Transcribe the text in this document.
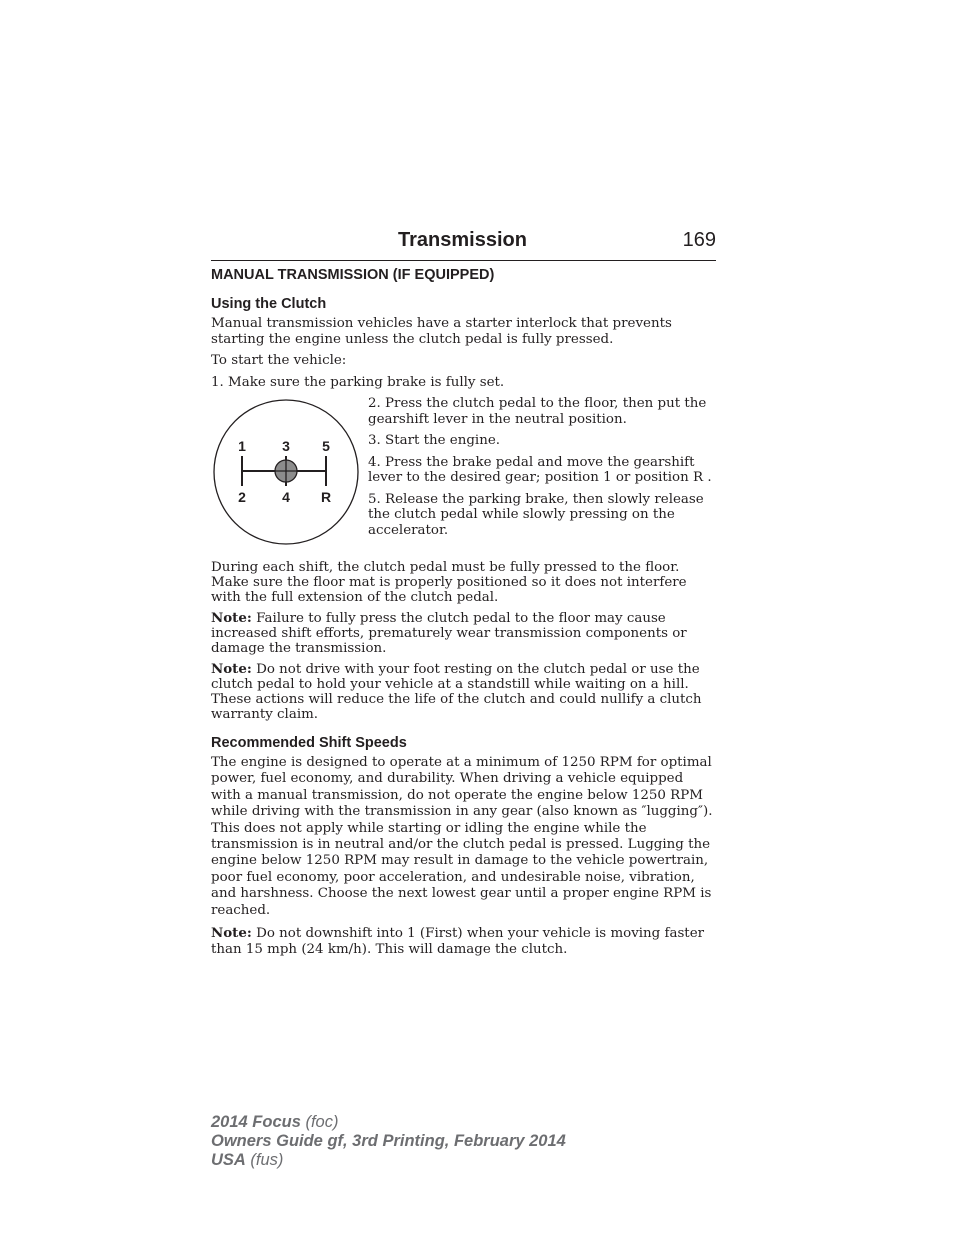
Transmission	169
MANUAL TRANSMISSION (IF EQUIPPED)
Using the Clutch

Manual transmission vehicles have a starter interlock that prevents starting the engine unless the clutch pedal is fully pressed.

To start the vehicle:

1. Make sure the parking brake is fully set.

1	3 5
2	4 R

2. Press the clutch pedal to the floor, then put the gearshift lever in the neutral position.

3. Start the engine.

4. Press the brake pedal and move the gearshift lever to the desired gear; position 1 or position R .

5. Release the parking brake, then slowly release the clutch pedal while slowly pressing on the accelerator.

During each shift, the clutch pedal must be fully pressed to the floor. Make sure the floor mat is properly positioned so it does not interfere with the full extension of the clutch pedal.

Note: Failure to fully press the clutch pedal to the floor may cause increased shift efforts, prematurely wear transmission components or damage the transmission.

Note: Do not drive with your foot resting on the clutch pedal or use the clutch pedal to hold your vehicle at a standstill while waiting on a hill. These actions will reduce the life of the clutch and could nullify a clutch warranty claim.

Recommended Shift Speeds

The engine is designed to operate at a minimum of 1250 RPM for optimal power, fuel economy, and durability. When driving a vehicle equipped with a manual transmission, do not operate the engine below 1250 RPM while driving with the transmission in any gear (also known as ″lugging″). This does not apply while starting or idling the engine while the transmission is in neutral and/or the clutch pedal is pressed. Lugging the engine below 1250 RPM may result in damage to the vehicle powertrain, poor fuel economy, poor acceleration, and undesirable noise, vibration, and harshness. Choose the next lowest gear until a proper engine RPM is reached.

Note: Do not downshift into 1 (First) when your vehicle is moving faster than 15 mph (24 km/h). This will damage the clutch.

2014 Focus (foc)
Owners Guide gf, 3rd Printing, February 2014
USA (fus)
